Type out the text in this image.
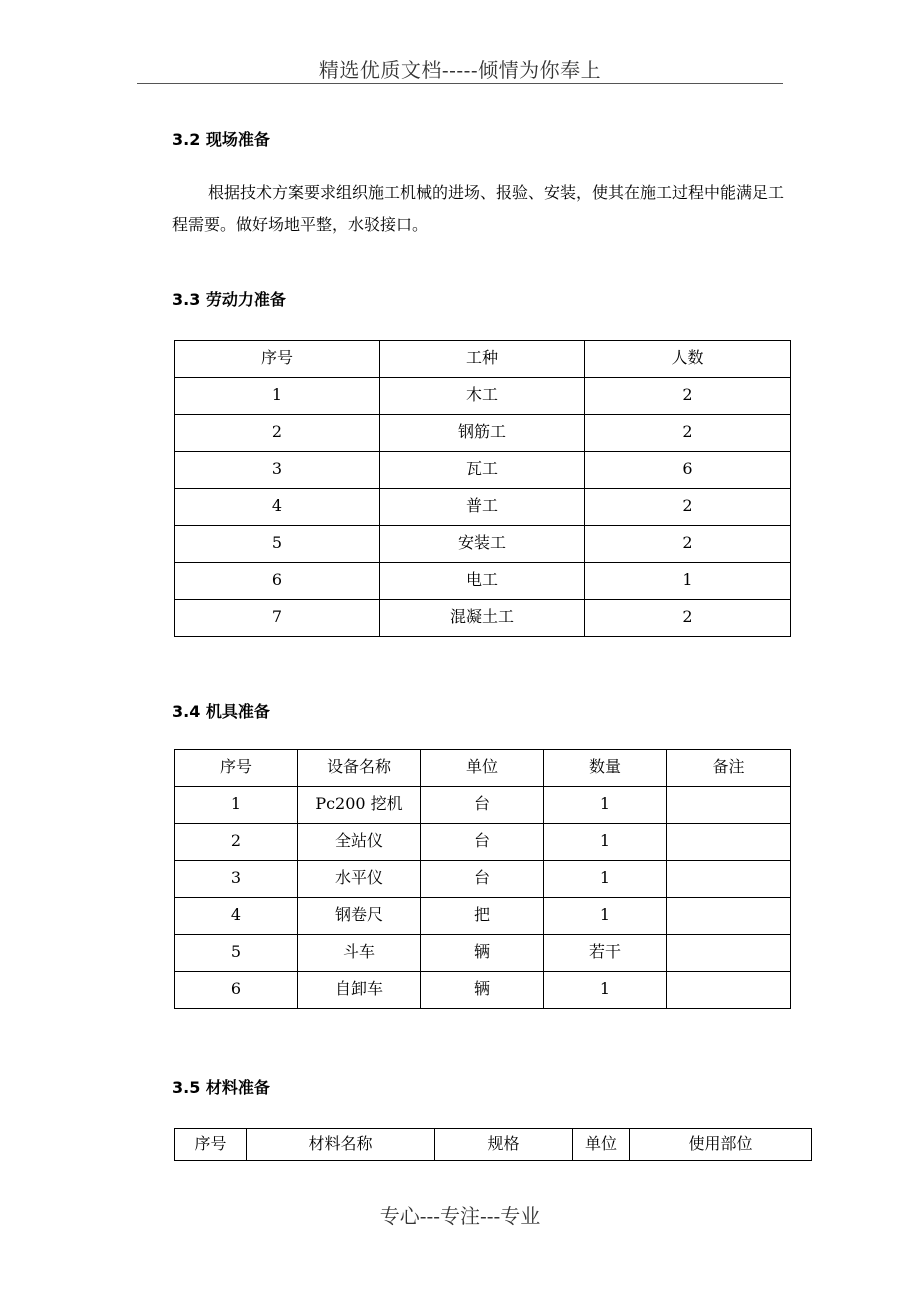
精选优质文档-----倾情为你奉上
3.2 现场准备
根据技术方案要求组织施工机械的进场、报验、安装，使其在施工过程中能满足工程需要。做好场地平整，水驳接口。
3.3 劳动力准备
序号	工种	人数
1	木工	2
2	钢筋工	2
3	瓦工	6
4	普工	2
5	安装工	2
6	电工	1
7	混凝土工	2
3.4 机具准备
序号	设备名称	单位	数量	备注
1	Pc200 挖机	台	1	
2	全站仪	台	1	
3	水平仪	台	1	
4	钢卷尺	把	1	
5	斗车	辆	若干	
6	自卸车	辆	1	
3.5 材料准备
序号	材料名称	规格	单位	使用部位
专心---专注---专业
